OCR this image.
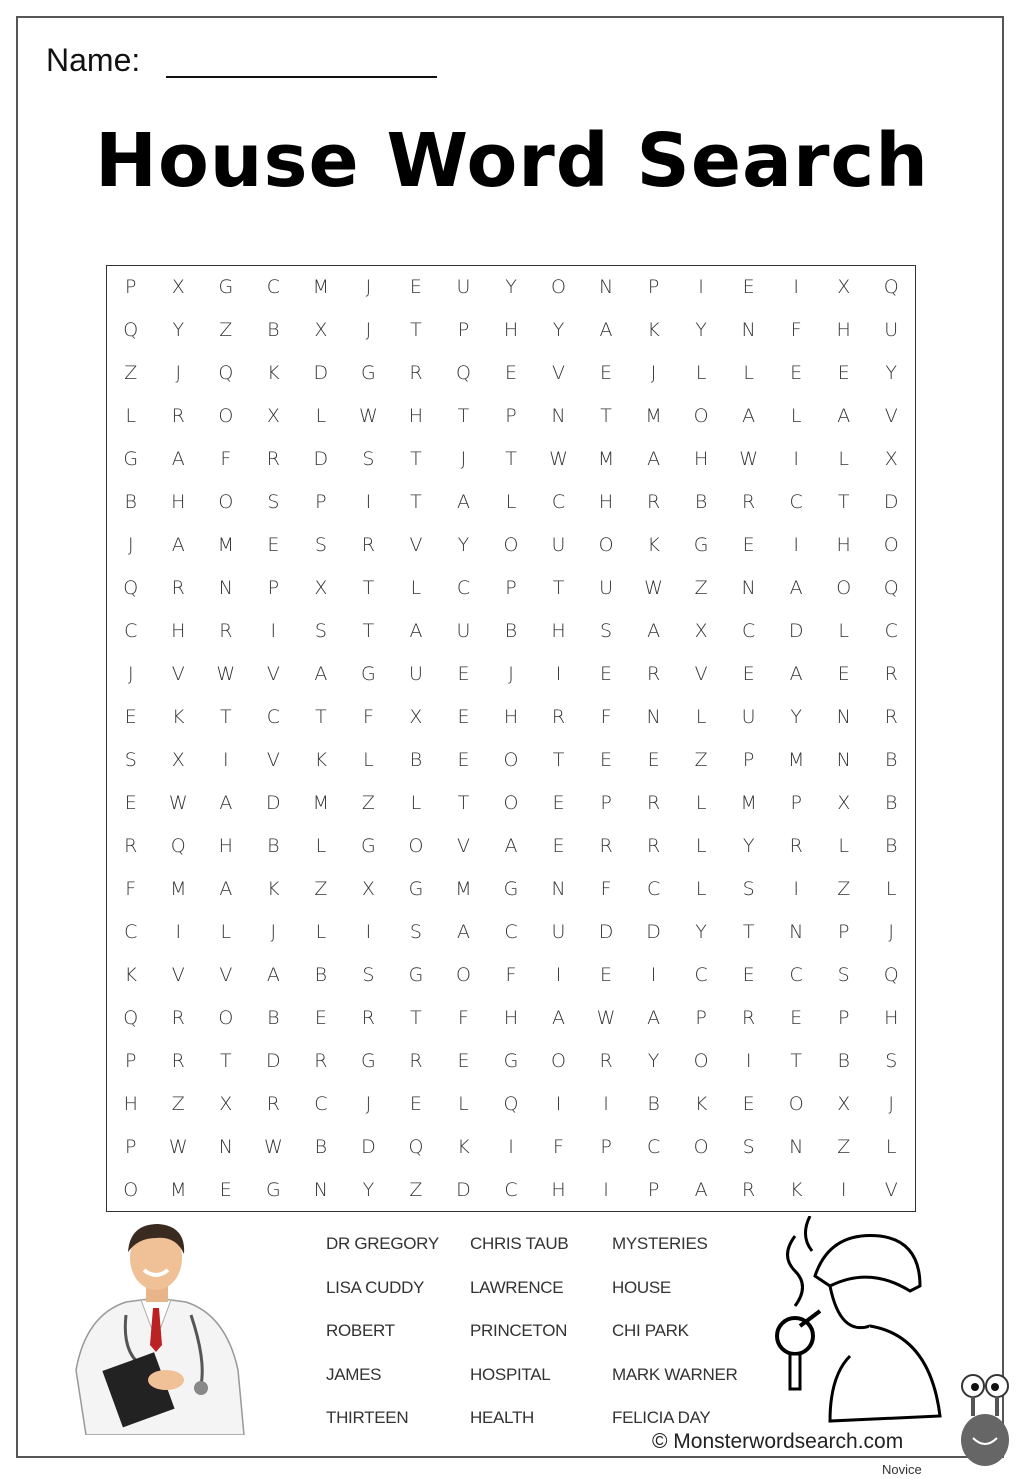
Name:
House Word Search
P	X	G	C	M	J	E	U	Y	O	N	P	I	E	I	X	Q
Q	Y	Z	B	X	J	T	P	H	Y	A	K	Y	N	F	H	U
Z	J	Q	K	D	G	R	Q	E	V	E	J	L	L	E	E	Y
L	R	O	X	L	W	H	T	P	N	T	M	O	A	L	A	V
G	A	F	R	D	S	T	J	T	W	M	A	H	W	I	L	X
B	H	O	S	P	I	T	A	L	C	H	R	B	R	C	T	D
J	A	M	E	S	R	V	Y	O	U	O	K	G	E	I	H	O
Q	R	N	P	X	T	L	C	P	T	U	W	Z	N	A	O	Q
C	H	R	I	S	T	A	U	B	H	S	A	X	C	D	L	C
J	V	W	V	A	G	U	E	J	I	E	R	V	E	A	E	R
E	K	T	C	T	F	X	E	H	R	F	N	L	U	Y	N	R
S	X	I	V	K	L	B	E	O	T	E	E	Z	P	M	N	B
E	W	A	D	M	Z	L	T	O	E	P	R	L	M	P	X	B
R	Q	H	B	L	G	O	V	A	E	R	R	L	Y	R	L	B
F	M	A	K	Z	X	G	M	G	N	F	C	L	S	I	Z	L
C	I	L	J	L	I	S	A	C	U	D	D	Y	T	N	P	J
K	V	V	A	B	S	G	O	F	I	E	I	C	E	C	S	Q
Q	R	O	B	E	R	T	F	H	A	W	A	P	R	E	P	H
P	R	T	D	R	G	R	E	G	O	R	Y	O	I	T	B	S
H	Z	X	R	C	J	E	L	Q	I	I	B	K	E	O	X	J
P	W	N	W	B	D	Q	K	I	F	P	C	O	S	N	Z	L
O	M	E	G	N	Y	Z	D	C	H	I	P	A	R	K	I	V
DR GREGORY	CHRIS TAUB	MYSTERIES
LISA CUDDY	LAWRENCE	HOUSE
ROBERT	PRINCETON	CHI PARK
JAMES	HOSPITAL	MARK WARNER
THIRTEEN	HEALTH	FELICIA DAY
© Monsterwordsearch.com
Novice
